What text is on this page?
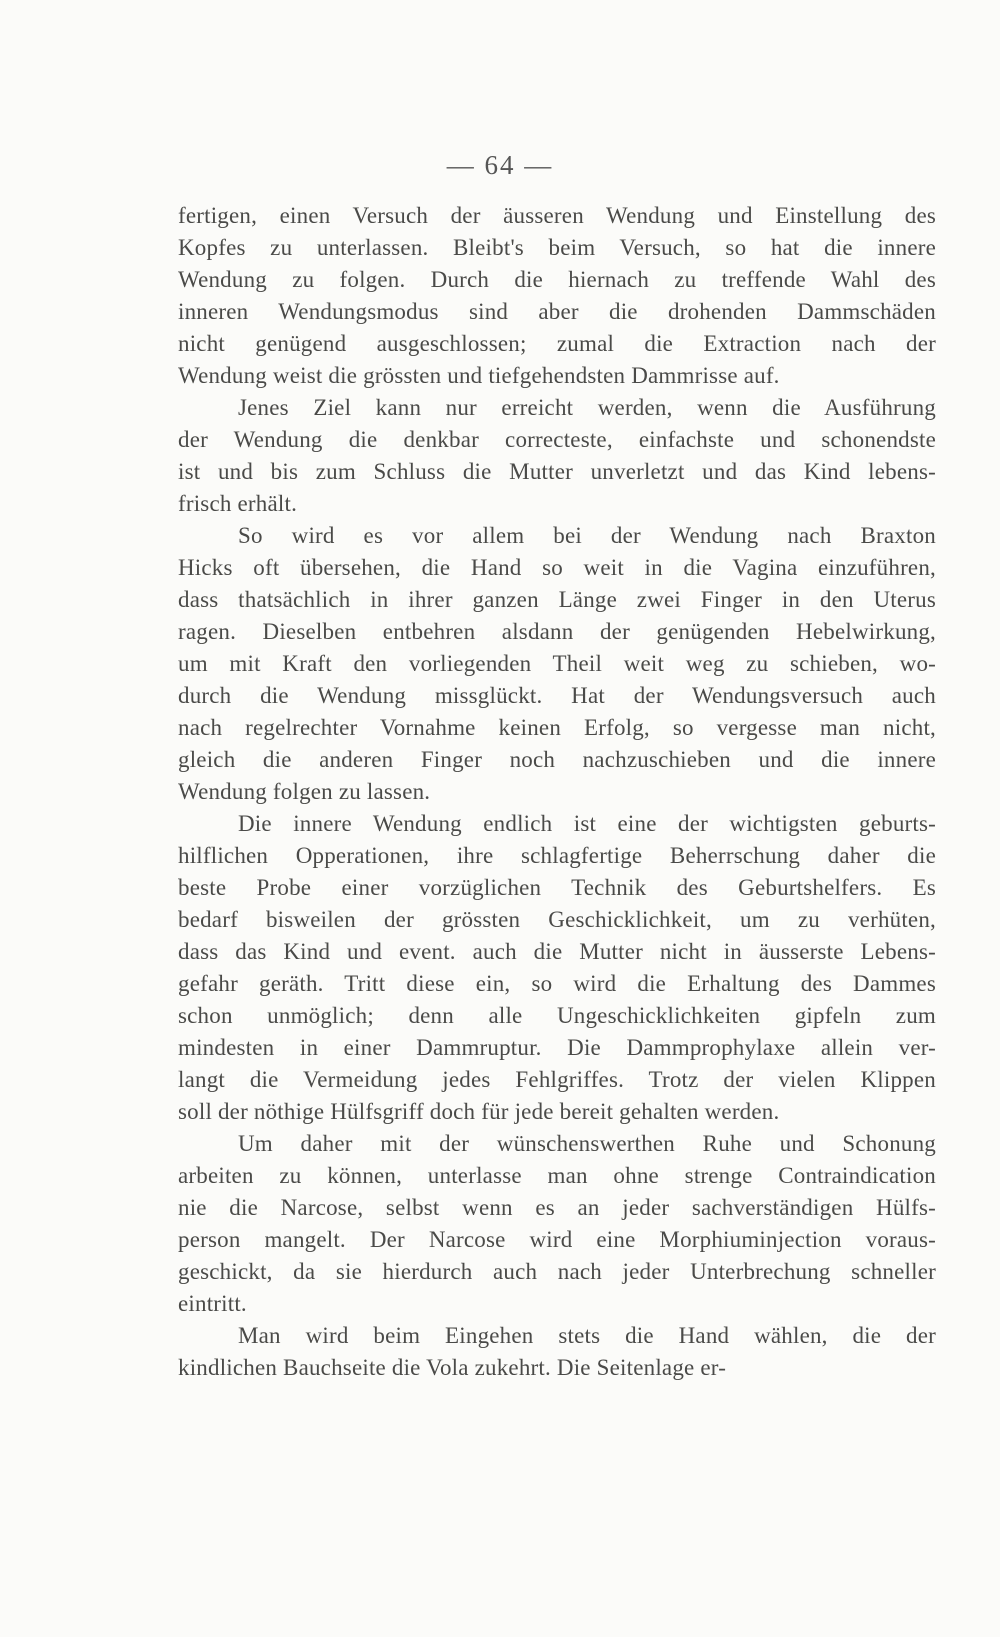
— 64 —
fertigen, einen Versuch der äusseren Wendung und Einstellung des
Kopfes zu unterlassen. Bleibt's beim Versuch, so hat die innere
Wendung zu folgen. Durch die hiernach zu treffende Wahl des
inneren Wendungsmodus sind aber die drohenden Dammschäden
nicht genügend ausgeschlossen; zumal die Extraction nach der
Wendung weist die grössten und tiefgehendsten Dammrisse auf.
Jenes Ziel kann nur erreicht werden, wenn die Ausführung
der Wendung die denkbar correcteste, einfachste und schonendste
ist und bis zum Schluss die Mutter unverletzt und das Kind lebens-
frisch erhält.
So wird es vor allem bei der Wendung nach Braxton
Hicks oft übersehen, die Hand so weit in die Vagina einzuführen,
dass thatsächlich in ihrer ganzen Länge zwei Finger in den Uterus
ragen. Dieselben entbehren alsdann der genügenden Hebelwirkung,
um mit Kraft den vorliegenden Theil weit weg zu schieben, wo-
durch die Wendung missglückt. Hat der Wendungsversuch auch
nach regelrechter Vornahme keinen Erfolg, so vergesse man nicht,
gleich die anderen Finger noch nachzuschieben und die innere
Wendung folgen zu lassen.
Die innere Wendung endlich ist eine der wichtigsten geburts-
hilflichen Opperationen, ihre schlagfertige Beherrschung daher die
beste Probe einer vorzüglichen Technik des Geburtshelfers. Es
bedarf bisweilen der grössten Geschicklichkeit, um zu verhüten,
dass das Kind und event. auch die Mutter nicht in äusserste Lebens-
gefahr geräth. Tritt diese ein, so wird die Erhaltung des Dammes
schon unmöglich; denn alle Ungeschicklichkeiten gipfeln zum
mindesten in einer Dammruptur. Die Dammprophylaxe allein ver-
langt die Vermeidung jedes Fehlgriffes. Trotz der vielen Klippen
soll der nöthige Hülfsgriff doch für jede bereit gehalten werden.
Um daher mit der wünschenswerthen Ruhe und Schonung
arbeiten zu können, unterlasse man ohne strenge Contraindication
nie die Narcose, selbst wenn es an jeder sachverständigen Hülfs-
person mangelt. Der Narcose wird eine Morphiuminjection voraus-
geschickt, da sie hierdurch auch nach jeder Unterbrechung schneller
eintritt.
Man wird beim Eingehen stets die Hand wählen, die der
kindlichen Bauchseite die Vola zukehrt. Die Seitenlage er-
